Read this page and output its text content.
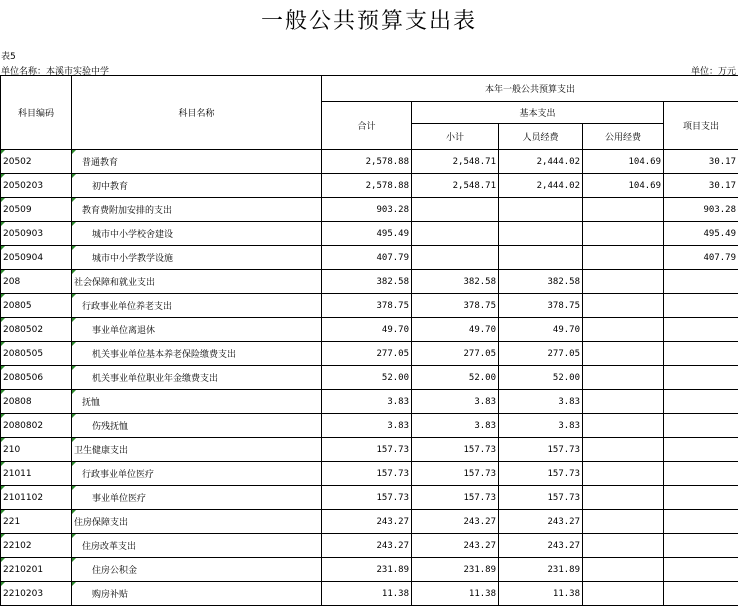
一般公共预算支出表
表5
单位名称：本溪市实验中学	单位：万元
科目编码	科目名称	本年一般公共预算支出				
		合计	基本支出			项目支出
			小计	人员经费	公用经费	
20502	普通教育	2,578.88	2,548.71	2,444.02	104.69	30.17
2050203	初中教育	2,578.88	2,548.71	2,444.02	104.69	30.17
20509	教育费附加安排的支出	903.28				903.28
2050903	城市中小学校舍建设	495.49				495.49
2050904	城市中小学教学设施	407.79				407.79
208	社会保障和就业支出	382.58	382.58	382.58		
20805	行政事业单位养老支出	378.75	378.75	378.75		
2080502	事业单位离退休	49.70	49.70	49.70		
2080505	机关事业单位基本养老保险缴费支出	277.05	277.05	277.05		
2080506	机关事业单位职业年金缴费支出	52.00	52.00	52.00		
20808	抚恤	3.83	3.83	3.83		
2080802	伤残抚恤	3.83	3.83	3.83		
210	卫生健康支出	157.73	157.73	157.73		
21011	行政事业单位医疗	157.73	157.73	157.73		
2101102	事业单位医疗	157.73	157.73	157.73		
221	住房保障支出	243.27	243.27	243.27		
22102	住房改革支出	243.27	243.27	243.27		
2210201	住房公积金	231.89	231.89	231.89		
2210203	购房补贴	11.38	11.38	11.38		
